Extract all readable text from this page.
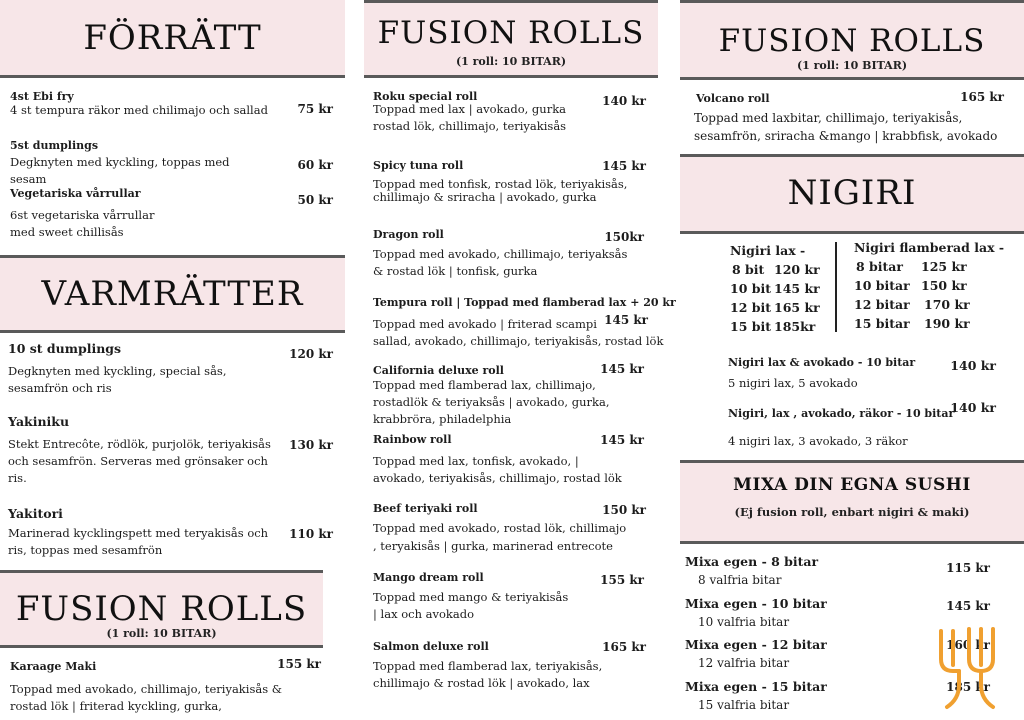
FÖRRÄTT
4st Ebi fry
4 st tempura räkor med chilimajo och sallad 75 kr
5st dumplings
Degknyten med kyckling, toppas med
sesam
60 kr
Vegetariska vårrullar
6st vegetariska vårrullar
med sweet chillisås
50 kr
VARMRÄTTER
10 st dumplings
Degknyten med kyckling, special sås,
sesamfrön och ris
120 kr
Yakiniku
Stekt Entrecôte, rödlök, purjolök, teriyakisås
och sesamfrön. Serveras med grönsaker och
ris.
130 kr
Yakitori
Marinerad kycklingspett med teryakisås och
ris, toppas med sesamfrön
110 kr
FUSION ROLLS
(1 roll: 10 BITAR)
Karaage Maki
Toppad med avokado, chillimajo, teriyakisås &
rostad lök | friterad kyckling, gurka,
155 kr
FUSION ROLLS
(1 roll: 10 BITAR)
Roku special roll
Toppad med lax | avokado, gurka
rostad lök, chillimajo, teriyakisås
140 kr
Spicy tuna roll
Toppad med tonfisk, rostad lök, teriyakisås,
chillimajo & sriracha | avokado, gurka
145 kr
Dragon roll
Toppad med avokado, chillimajo, teriyaksås
& rostad lök | tonfisk, gurka
150kr
Tempura roll | Toppad med flamberad lax + 20 kr
Toppad med avokado | friterad scampi
sallad, avokado, chillimajo, teriyakisås, rostad lök
145 kr
California deluxe roll
Toppad med flamberad lax, chillimajo,
rostadlök & teriyaksås | avokado, gurka,
krabbröra, philadelphia
145 kr
Rainbow roll
Toppad med lax, tonfisk, avokado, |
avokado, teriyakisås, chillimajo, rostad lök
145 kr
Beef teriyaki roll
Toppad med avokado, rostad lök, chillimajo
, teryakisås | gurka, marinerad entrecote
150 kr
Mango dream roll
Toppad med mango & teriyakisås
| lax och avokado
155 kr
Salmon deluxe roll
Toppad med flamberad lax, teriyakisås,
chillimajo & rostad lök | avokado, lax
165 kr
FUSION ROLLS
(1 roll: 10 BITAR)
Volcano roll
Toppad med laxbitar, chillimajo, teriyakisås,
sesamfrön, sriracha &mango | krabbfisk, avokado
165 kr
NIGIRI
Nigiri lax -
8 bit 120 kr
10 bit 145 kr
12 bit 165 kr
15 bit 185kr
Nigiri flamberad lax -
8 bitar 125 kr
10 bitar 150 kr
12 bitar 170 kr
15 bitar 190 kr
Nigiri lax & avokado - 10 bitar
5 nigiri lax, 5 avokado
140 kr
Nigiri, lax , avokado, räkor - 10 bitar
4 nigiri lax, 3 avokado, 3 räkor
140 kr
MIXA DIN EGNA SUSHI
(Ej fusion roll, enbart nigiri & maki)
Mixa egen - 8 bitar
8 valfria bitar
115 kr
Mixa egen - 10 bitar
10 valfria bitar
145 kr
Mixa egen - 12 bitar
12 valfria bitar
160 kr
Mixa egen - 15 bitar
15 valfria bitar
185 kr
